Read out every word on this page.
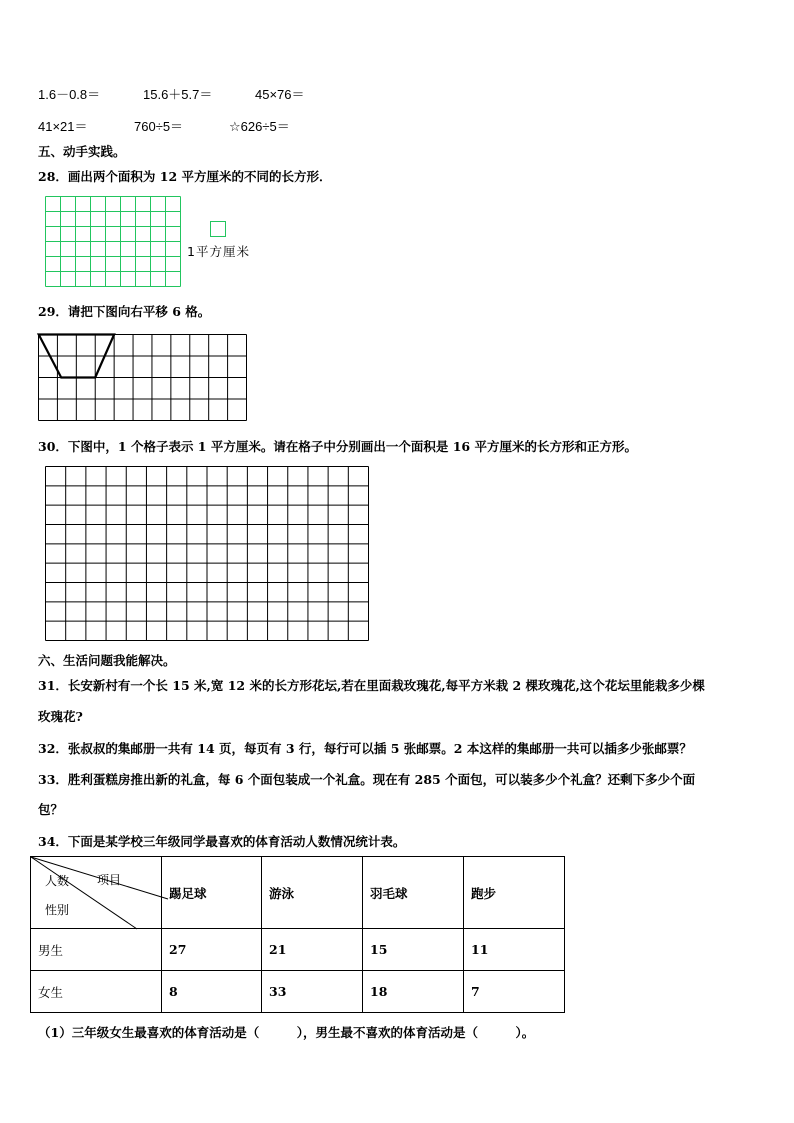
1.6－0.8＝	15.6＋5.7＝	45×76＝
41×21＝	760÷5＝	☆626÷5＝
五、动手实践。
28．画出两个面积为 12 平方厘米的不同的长方形．
1平方厘米
29．请把下图向右平移 6 格。
30．下图中，1 个格子表示 1 平方厘米。请在格子中分别画出一个面积是 16 平方厘米的长方形和正方形。
六、生活问题我能解决。
31．长安新村有一个长 15 米,宽 12 米的长方形花坛,若在里面栽玫瑰花,每平方米栽 2 棵玫瑰花,这个花坛里能栽多少棵
玫瑰花?
32．张叔叔的集邮册一共有 14 页，每页有 3 行，每行可以插 5 张邮票。2 本这样的集邮册一共可以插多少张邮票？
33．胜利蛋糕房推出新的礼盒，每 6 个面包装成一个礼盒。现在有 285 个面包，可以装多少个礼盒？还剩下多少个面
包？
34．下面是某学校三年级同学最喜欢的体育活动人数情况统计表。
人数 项目
性别	踢足球	游泳	羽毛球	跑步
男生	27	21	15	11
女生	8	33	18	7
（1）三年级女生最喜欢的体育活动是（　　　），男生最不喜欢的体育活动是（　　　）。
